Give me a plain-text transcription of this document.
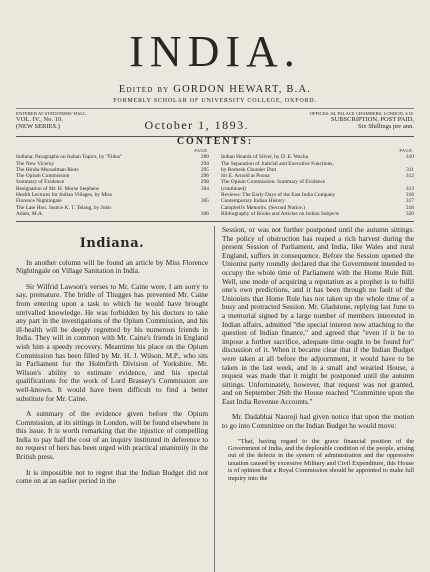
INDIA.
Edited by GORDON HEWART, B.A.
FORMERLY SCHOLAR OF UNIVERSITY COLLEGE, OXFORD.
ENTERED AT STATIONERS' HALL.	OFFICES: 84, PALACE CHAMBERS, LONDON, S.W.
VOL. IV., No. 10.
(NEW SERIES.)	October 1, 1893.	SUBSCRIPTION, POST PAID,
Six Shillings per ann.
CONTENTS:
PAGE.
Indiana: Paragraphs on Indian Topics, by "Fidus"	289
The New Viceroy	294
The Hindu-Mussalman Riots	295
The Opium Commission	296
Summary of Evidence	298
Resignation of Mr. H. Morse Stephens	304
Health Lectures for Indian Villages, by Miss
Florence Nightingale	305
The Late Hon. Justice K. T. Telang, by John
Adam, M.A.	306
PAGE.
Indian Hoards of Silver, by D. E. Wacha	310
The Separation of Judicial and Executive Functions,
by Romesh Chunder Dutt	311
Sir E. Arnold at Poona	312
The Opium Commission: Summary of Evidence
(continued)	313
Reviews: The Early Days of the East India Company	316
Contemporary Indian History	317
Campbell's Memoirs. (Second Notice.)	318
Bibliography of Books and Articles on Indian Subjects	320
Indiana.

In another column will be found an article by Miss Florence Nightingale on Village Sanitation in India.

Sir Wilfrid Lawson's verses to Mr. Caine were, I am sorry to say, premature. The bridle of Thugges has prevented Mr. Caine from entering upon a task to which he would have brought unrivalled knowledge. He was forbidden by his doctors to take any part in the investigations of the Opium Commission, and his ill-health will be deeply regretted by his numerous friends in India. They will in common with Mr. Caine's friends in England wish him a speedy recovery. Meantime his place on the Opium Commission has been filled by Mr. H. J. Wilson, M.P., who sits in Parliament for the Holmfirth Division of Yorkshire. Mr. Wilson's ability to estimate evidence, and his special qualifications for the work of Lord Brassey's Commission are well-known. It would have been difficult to find a better substitute for Mr. Caine.

A summary of the evidence given before the Opium Commission, at its sittings in London, will be found elsewhere in this issue. It is worth remarking that the injustice of compelling India to pay half the cost of an inquiry instituted in deference to no request of hers has been urged with practical unanimity in the British press.

It is impossible not to regret that the Indian Budget did not come on at an earlier period in the

Session, or was not further postponed until the autumn sittings. The policy of obstruction has reaped a rich harvest during the present Session of Parliament, and India, like Wales and rural England, suffers in consequence. Before the Session opened the Unionist party roundly declared that the Government intended to occupy the whole time of Parliament with the Home Rule Bill. Well, one mode of acquiring a reputation as a prophet is to fulfil one's own predictions, and it has been through no fault of the Unionists that Home Rule has not taken up the whole time of a busy and protracted Session. Mr. Gladstone, replying last June to a memorial signed by a large number of members interested in Indian affairs, admitted "the special interest now attaching to the question of Indian finance," and agreed that "even if it be to impose a further sacrifice, adequate time ought to be found for" discussion of it. When it became clear that if the Indian Budget were taken at all before the adjournment, it would have to be taken in the last week, and in a small and wearied House, a request was made that it might be postponed until the autumn sittings. Unfortunately, however, that request was not granted, and on September 26th the House reached "Committee upon the East India Revenue Accounts."

Mr. Dadabhai Naoroji had given notice that upon the motion to go into Committee on the Indian Budget he would move:

"That, having regard to the grave financial position of the Government of India, and the deplorable condition of the people, arising out of the defects in the system of administration and the oppressive taxation caused by excessive Military and Civil Expenditure, this House is of opinion that a Royal Commission should be appointed to make full inquiry into the
